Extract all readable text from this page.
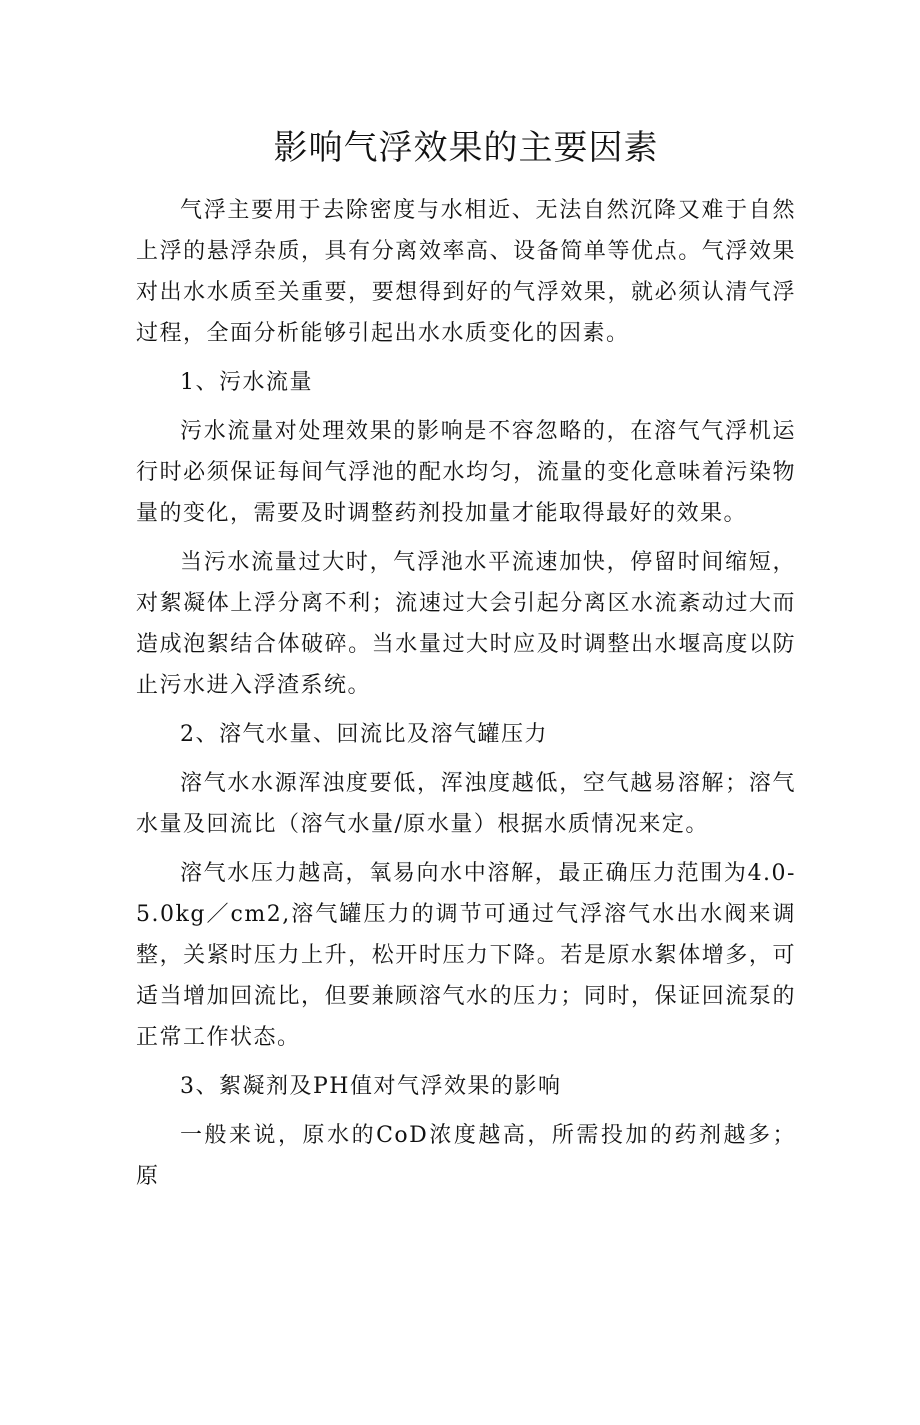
影响气浮效果的主要因素

气浮主要用于去除密度与水相近、无法自然沉降又难于自然上浮的悬浮杂质，具有分离效率高、设备简单等优点。气浮效果对出水水质至关重要，要想得到好的气浮效果，就必须认清气浮过程，全面分析能够引起出水水质变化的因素。

1、污水流量

污水流量对处理效果的影响是不容忽略的，在溶气气浮机运行时必须保证每间气浮池的配水均匀，流量的变化意味着污染物量的变化，需要及时调整药剂投加量才能取得最好的效果。

当污水流量过大时，气浮池水平流速加快，停留时间缩短，对絮凝体上浮分离不利；流速过大会引起分离区水流紊动过大而造成泡絮结合体破碎。当水量过大时应及时调整出水堰高度以防止污水进入浮渣系统。

2、溶气水量、回流比及溶气罐压力

溶气水水源浑浊度要低，浑浊度越低，空气越易溶解；溶气水量及回流比（溶气水量/原水量）根据水质情况来定。

溶气水压力越高，氧易向水中溶解，最正确压力范围为4.0-5.0kg／cm2,溶气罐压力的调节可通过气浮溶气水出水阀来调整，关紧时压力上升，松开时压力下降。若是原水絮体增多，可适当增加回流比，但要兼顾溶气水的压力；同时，保证回流泵的正常工作状态。

3、絮凝剂及PH值对气浮效果的影响

一般来说，原水的CoD浓度越高，所需投加的药剂越多；原
